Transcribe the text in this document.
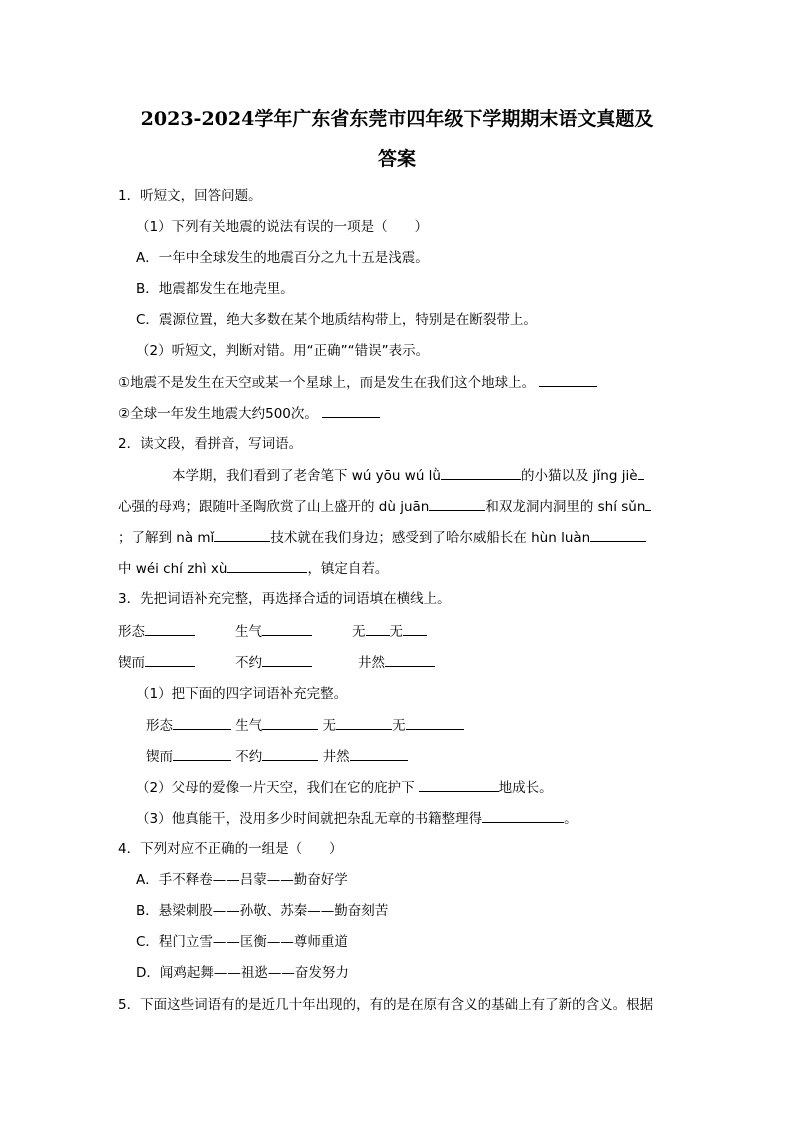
2023-2024学年广东省东莞市四年级下学期期末语文真题及
答案
1．听短文，回答问题。
（1）下列有关地震的说法有误的一项是（　　）
A．一年中全球发生的地震百分之九十五是浅震。
B．地震都发生在地壳里。
C．震源位置，绝大多数在某个地质结构带上，特别是在断裂带上。
（2）听短文，判断对错。用“正确”“错误”表示。
①地震不是发生在天空或某一个星球上，而是发生在我们这个地球上。
②全球一年发生地震大约500次。
2．读文段，看拼音，写词语。
本学期，我们看到了老舍笔下 wú yōu wú lǜ	的小猫以及 jǐng jiè
心强的母鸡；跟随叶圣陶欣赏了山上盛开的 dù juān	和双龙洞内洞里的 shí sǔn
；了解到 nà mǐ	技术就在我们身边；感受到了哈尔威船长在 hùn luàn
中 wéi chí zhì xù	，镇定自若。
3．先把词语补充完整，再选择合适的词语填在横线上。
形态	生气	无 无
锲而	不约	井然
（1）把下面的四字词语补充完整。
形态	生气	无	无
锲而	不约	井然
（2）父母的爱像一片天空，我们在它的庇护下	地成长。
（3）他真能干，没用多少时间就把杂乱无章的书籍整理得	。
4．下列对应不正确的一组是（　　）
A．手不释卷——吕蒙——勤奋好学
B．悬梁刺股——孙敬、苏秦——勤奋刻苦
C．程门立雪——匡衡——尊师重道
D．闻鸡起舞——祖逖——奋发努力
5．下面这些词语有的是近几十年出现的，有的是在原有含义的基础上有了新的含义。根据
